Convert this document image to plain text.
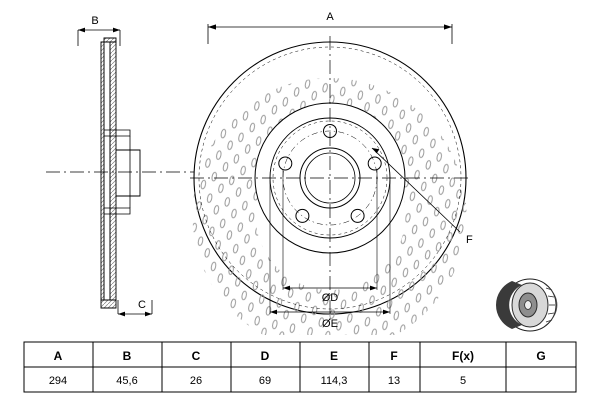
B
C
A
F
ØD
ØE
A	B	C	D	E	F	F(x)	G
294	45,6	26	69	114,3	13	5
